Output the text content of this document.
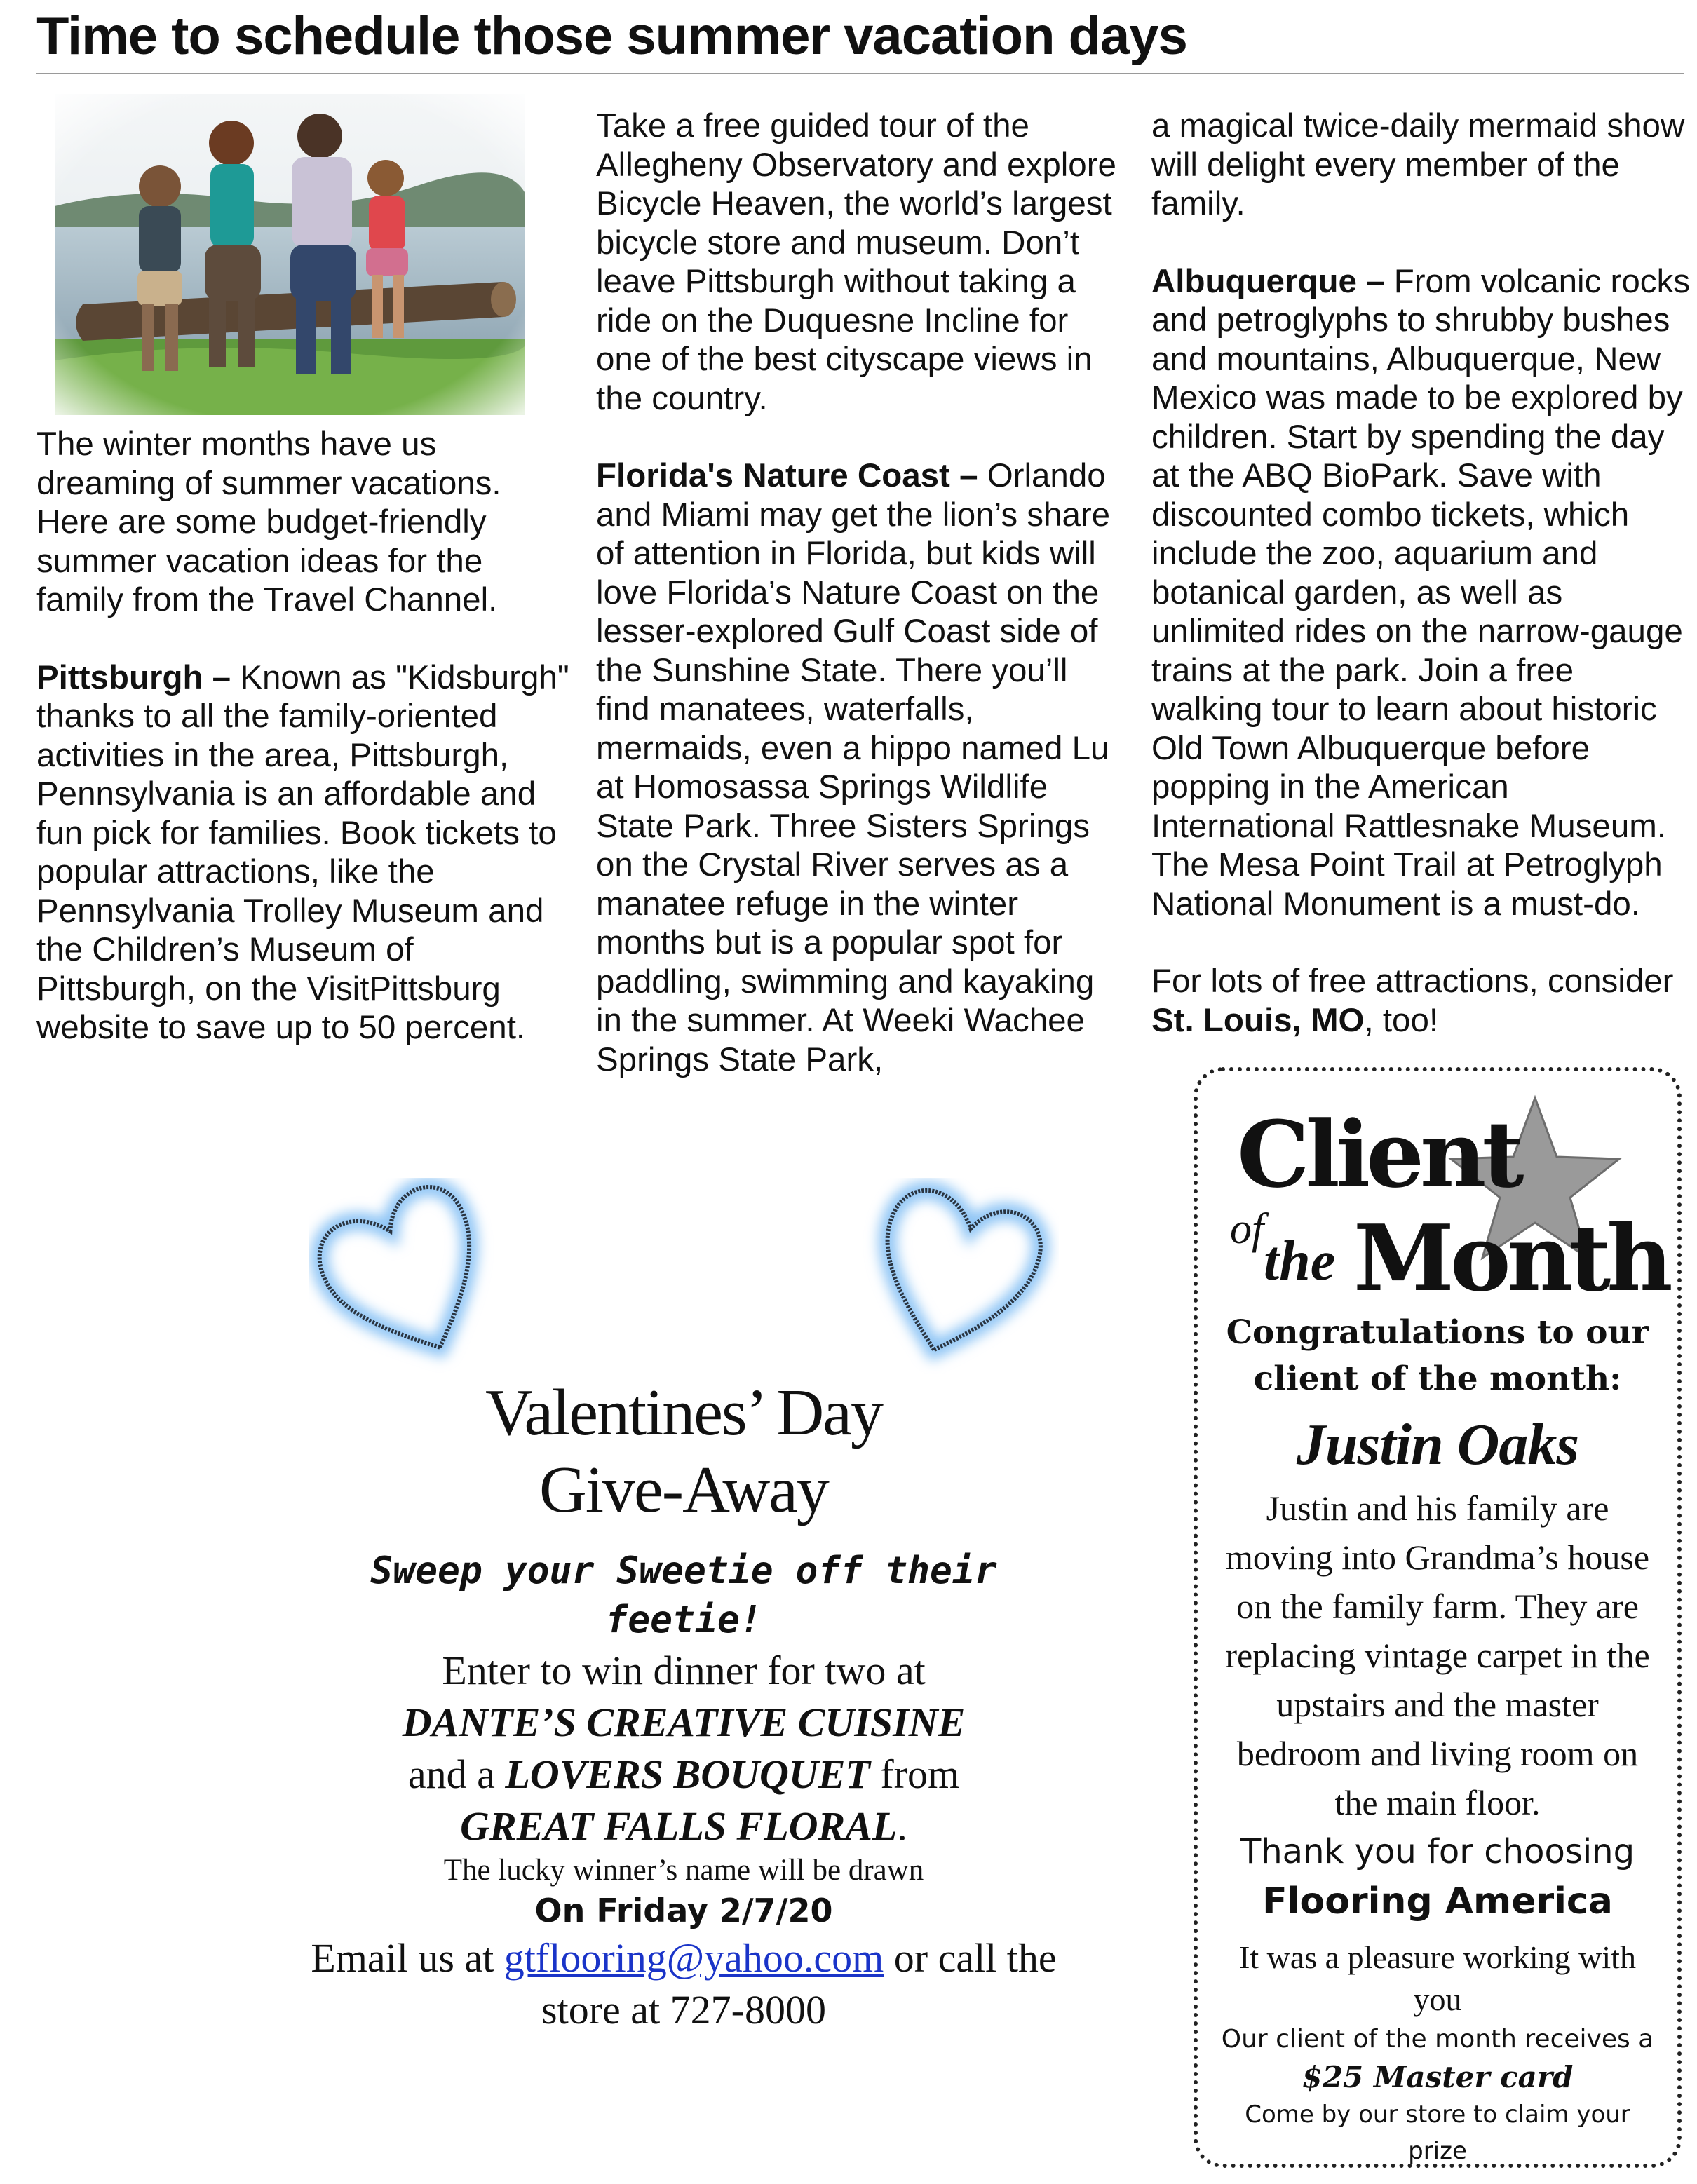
Time to schedule those summer vacation days

The winter months have us dreaming of summer vacations. Here are some budget-friendly summer vacation ideas for the family from the Travel Channel.

Pittsburgh – Known as "Kidsburgh" thanks to all the family-oriented activities in the area, Pittsburgh, Pennsylvania is an affordable and fun pick for families. Book tickets to popular attractions, like the Pennsylvania Trolley Museum and the Children’s Museum of Pittsburgh, on the VisitPittsburg website to save up to 50 percent.

Take a free guided tour of the Allegheny Observatory and explore Bicycle Heaven, the world’s largest bicycle store and museum. Don’t leave Pittsburgh without taking a ride on the Duquesne Incline for one of the best cityscape views in the country.

Florida's Nature Coast – Orlando and Miami may get the lion’s share of attention in Florida, but kids will love Florida’s Nature Coast on the lesser-explored Gulf Coast side of the Sunshine State. There you’ll find manatees, waterfalls, mermaids, even a hippo named Lu at Homosassa Springs Wildlife State Park. Three Sisters Springs on the Crystal River serves as a manatee refuge in the winter months but is a popular spot for paddling, swimming and kayaking in the summer. At Weeki Wachee Springs State Park,

a magical twice-daily mermaid show will delight every member of the family.

Albuquerque – From volcanic rocks and petroglyphs to shrubby bushes and mountains, Albuquerque, New Mexico was made to be explored by children. Start by spending the day at the ABQ BioPark. Save with discounted combo tickets, which include the zoo, aquarium and botanical garden, as well as unlimited rides on the narrow-gauge trains at the park. Join a free walking tour to learn about historic Old Town Albuquerque before popping in the American International Rattlesnake Museum. The Mesa Point Trail at Petroglyph National Monument is a must-do.

For lots of free attractions, consider St. Louis, MO, too!

Valentines’ Day
Give-Away

Sweep your Sweetie off their feetie!

Enter to win dinner for two at

DANTE’S CREATIVE CUISINE

and a LOVERS BOUQUET from

GREAT FALLS FLORAL.

The lucky winner’s name will be drawn

On Friday 2/7/20

Email us at gtflooring@yahoo.com or call the

store at 727-8000

Client
of
the Month

Congratulations to our client of the month:

Justin Oaks

Justin and his family are moving into Grandma’s house on the family farm. They are replacing vintage carpet in the upstairs and the master bedroom and living room on the main floor.

Thank you for choosing

Flooring America

It was a pleasure working with you

Our client of the month receives a

$25 Master card

Come by our store to claim your prize
